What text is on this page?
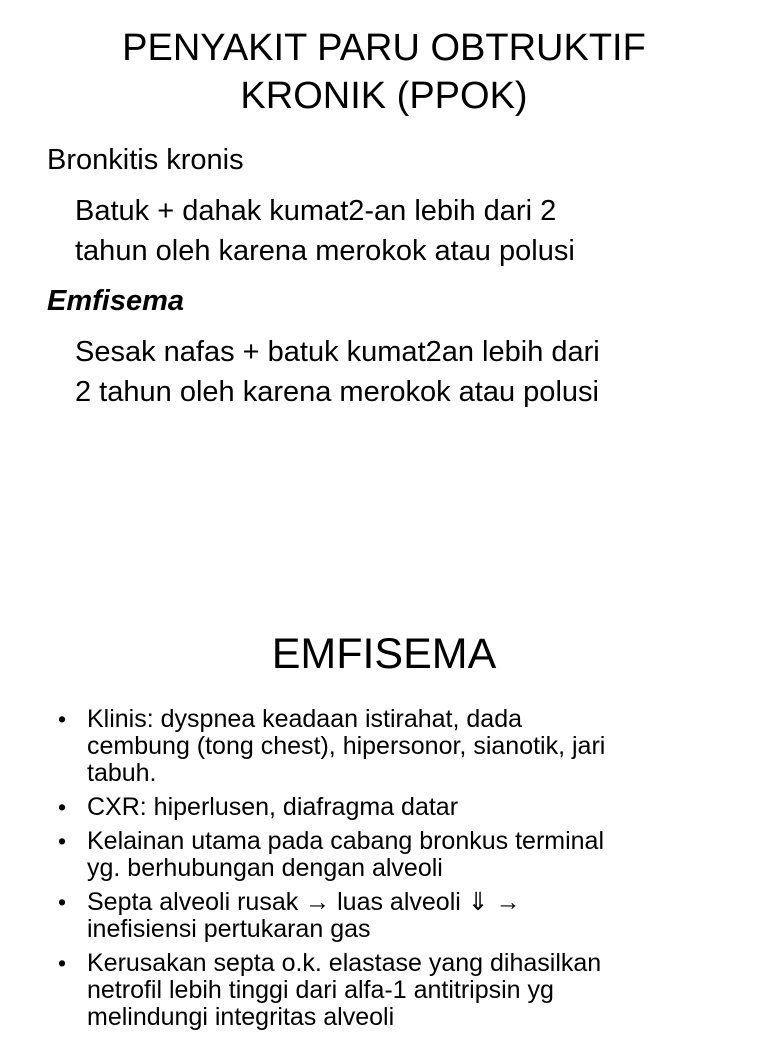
PENYAKIT PARU OBTRUKTIF
KRONIK (PPOK)
Bronkitis kronis
Batuk + dahak kumat2-an lebih dari 2
tahun oleh karena merokok atau polusi
Emfisema
Sesak nafas + batuk kumat2an lebih dari
2 tahun oleh karena merokok atau polusi
EMFISEMA
• Klinis: dyspnea keadaan istirahat, dada
cembung (tong chest), hipersonor, sianotik, jari
tabuh.
• CXR: hiperlusen, diafragma datar
• Kelainan utama pada cabang bronkus terminal
yg. berhubungan dengan alveoli
• Septa alveoli rusak → luas alveoli ⇓ →
inefisiensi pertukaran gas
• Kerusakan septa o.k. elastase yang dihasilkan
netrofil lebih tinggi dari alfa-1 antitripsin yg
melindungi integritas alveoli
